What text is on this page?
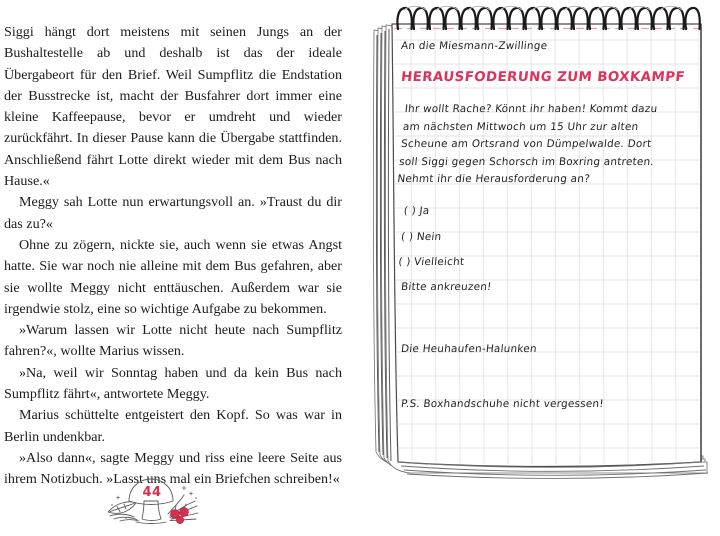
Siggi hängt dort meistens mit seinen Jungs an der Bushaltestelle ab und deshalb ist das der ideale Übergabeort für den Brief. Weil Sumpflitz die Endstation der Busstrecke ist, macht der Busfahrer dort immer eine kleine Kaffeepause, bevor er umdreht und wieder zurückfährt. In dieser Pause kann die Übergabe stattfinden. Anschließend fährt Lotte direkt wieder mit dem Bus nach Hause.«

Meggy sah Lotte nun erwartungsvoll an. »Traust du dir das zu?«

Ohne zu zögern, nickte sie, auch wenn sie etwas Angst hatte. Sie war noch nie alleine mit dem Bus gefahren, aber sie wollte Meggy nicht enttäuschen. Außerdem war sie irgendwie stolz, eine so wichtige Aufgabe zu bekommen.

»Warum lassen wir Lotte nicht heute nach Sumpflitz fahren?«, wollte Marius wissen.

»Na, weil wir Sonntag haben und da kein Bus nach Sumpflitz fährt«, antwortete Meggy.

Marius schüttelte entgeistert den Kopf. So was war in Berlin undenkbar.

»Also dann«, sagte Meggy und riss eine leere Seite aus ihrem Notizbuch. »Lasst uns mal ein Briefchen schreiben!«

44
An die Miesmann-Zwillinge
HERAUSFODERUNG ZUM BOXKAMPF
Ihr wollt Rache? Könnt ihr haben! Kommt dazu
am nächsten Mittwoch um 15 Uhr zur alten
Scheune am Ortsrand von Dümpelwalde. Dort
soll Siggi gegen Schorsch im Boxring antreten.
Nehmt ihr die Herausforderung an?
( ) Ja
( ) Nein
( ) Vielleicht
Bitte ankreuzen!
Die Heuhaufen-Halunken
P.S. Boxhandschuhe nicht vergessen!
